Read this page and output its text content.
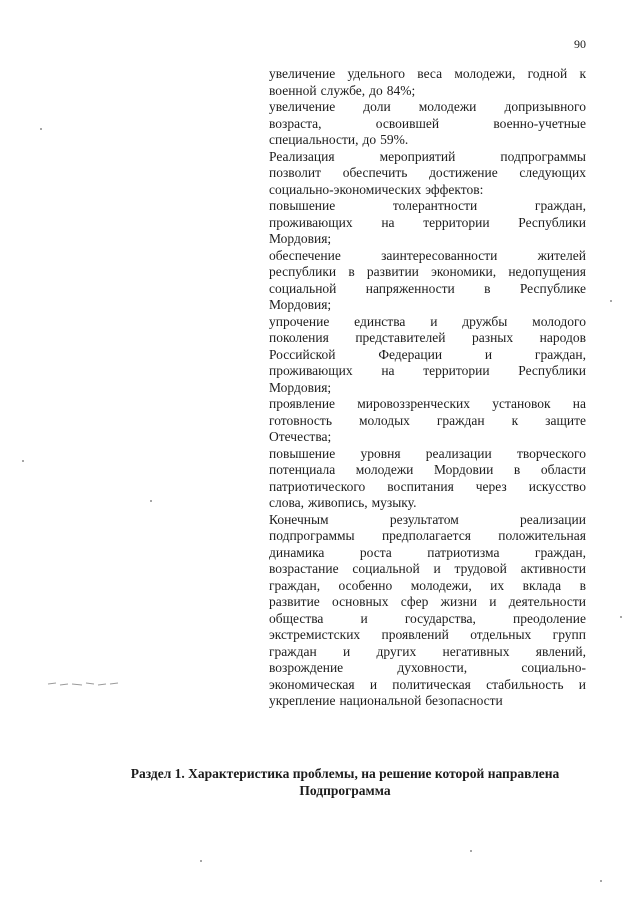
90
увеличение удельного веса молодежи, годной к
военной службе, до 84%;
увеличение доли молодежи допризывного
возраста,	освоившей	военно-учетные
специальности, до 59%.
Реализация	мероприятий	подпрограммы
позволит обеспечить достижение следующих
социально-экономических эффектов:
повышение	толерантности	граждан,
проживающих на территории Республики
Мордовия;
обеспечение	заинтересованности	жителей
республики в развитии экономики, недопущения
социальной напряженности в Республике
Мордовия;
упрочение единства и дружбы молодого
поколения представителей разных народов
Российской	Федерации	и	граждан,
проживающих на территории Республики
Мордовия;
проявление мировоззренческих установок на
готовность молодых граждан к защите
Отечества;
повышение уровня реализации творческого
потенциала молодежи Мордовии в области
патриотического воспитания через искусство
слова, живопись, музыку.
Конечным	результатом	реализации
подпрограммы предполагается положительная
динамика	роста	патриотизма	граждан,
возрастание социальной и трудовой активности
граждан, особенно молодежи, их вклада в
развитие основных сфер жизни и деятельности
общества	и	государства,	преодоление
экстремистских проявлений отдельных групп
граждан и других негативных явлений,
возрождение	духовности,	социально-
экономическая и политическая стабильность и
укрепление национальной безопасности
Раздел 1. Характеристика проблемы, на решение которой направлена
Подпрограмма
